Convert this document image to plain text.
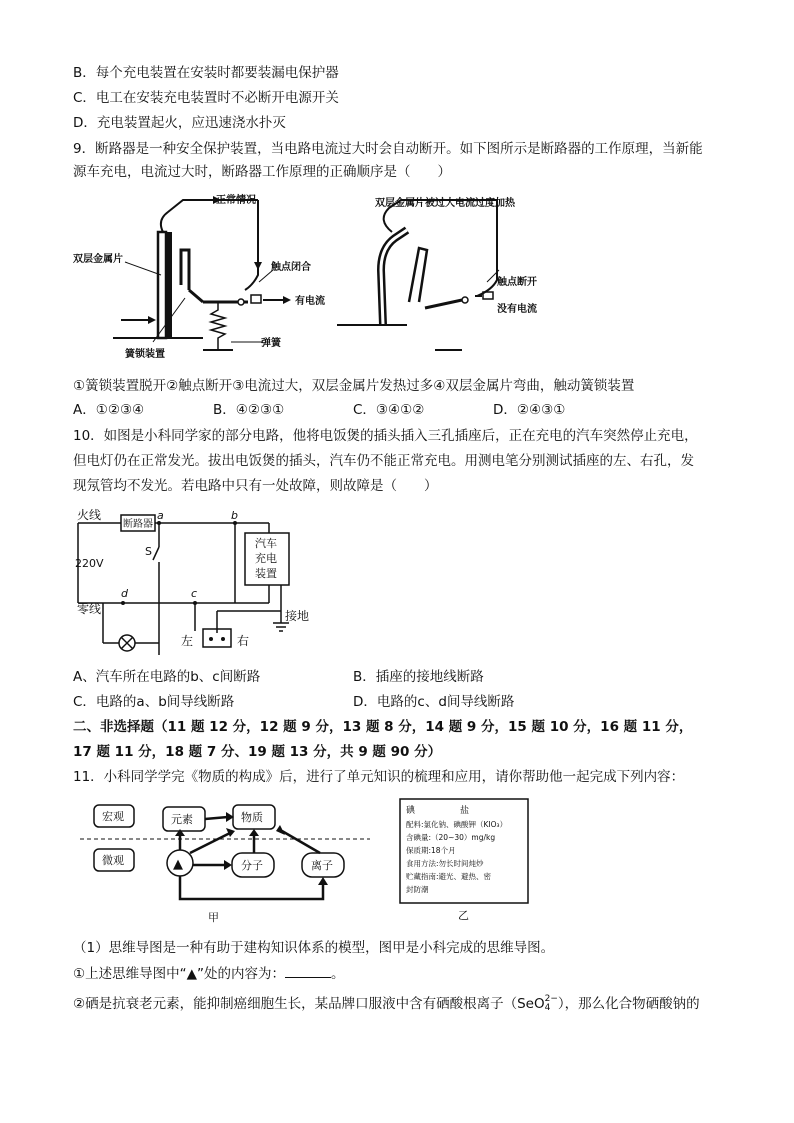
B．每个充电装置在安装时都要装漏电保护器
C．电工在安装充电装置时不必断开电源开关
D．充电装置起火，应迅速浇水扑灭
9．断路器是一种安全保护装置，当电路电流过大时会自动断开。如下图所示是断路器的工作原理，当新能
源车充电，电流过大时，断路器工作原理的正确顺序是（　　）
正常情况
双层金属片
触点闭合
有电流
簧锁装置
弹簧
双层金属片被过大电流过度加热
触点断开
没有电流
①簧锁装置脱开②触点断开③电流过大，双层金属片发热过多④双层金属片弯曲，触动簧锁装置
A．①②③④	B．④②③①	C．③④①②	D．②④③①
10．如图是小科同学家的部分电路，他将电饭煲的插头插入三孔插座后，正在充电的汽车突然停止充电，
但电灯仍在正常发光。拔出电饭煲的插头，汽车仍不能正常充电。用测电笔分别测试插座的左、右孔，发
现氖管均不发光。若电路中只有一处故障，则故障是（　　）
火线
断路器
a	b
S
220V
汽车
充电
装置
d	c
零线	接地
左	右
A、汽车所在电路的b、c间断路	B．插座的接地线断路
C．电路的a、b间导线断路	D．电路的c、d间导线断路
二、非选择题（11 题 12 分，12 题 9 分，13 题 8 分，14 题 9 分，15 题 10 分，16 题 11 分，
17 题 11 分，18 题 7 分、19 题 13 分，共 9 题 90 分）
11．小科同学学完《物质的构成》后，进行了单元知识的梳理和应用，请你帮助他一起完成下列内容：
宏观
微观
元素	物质
▲	分子	离子
甲
碘	盐
配料:氯化钠、碘酸钾（KIO₃）
含碘量:（20~30）mg/kg
保质期:18个月
食用方法:勿长时间炖炒
贮藏指南:避光、避热、密
封防潮
乙
（1）思维导图是一种有助于建构知识体系的模型，图甲是小科完成的思维导图。
①上述思维导图中“▲”处的内容为：	。
②硒是抗衰老元素，能抑制癌细胞生长，某品牌口服液中含有硒酸根离子（SeO 2−
4 ），那么化合物硒酸钠的
